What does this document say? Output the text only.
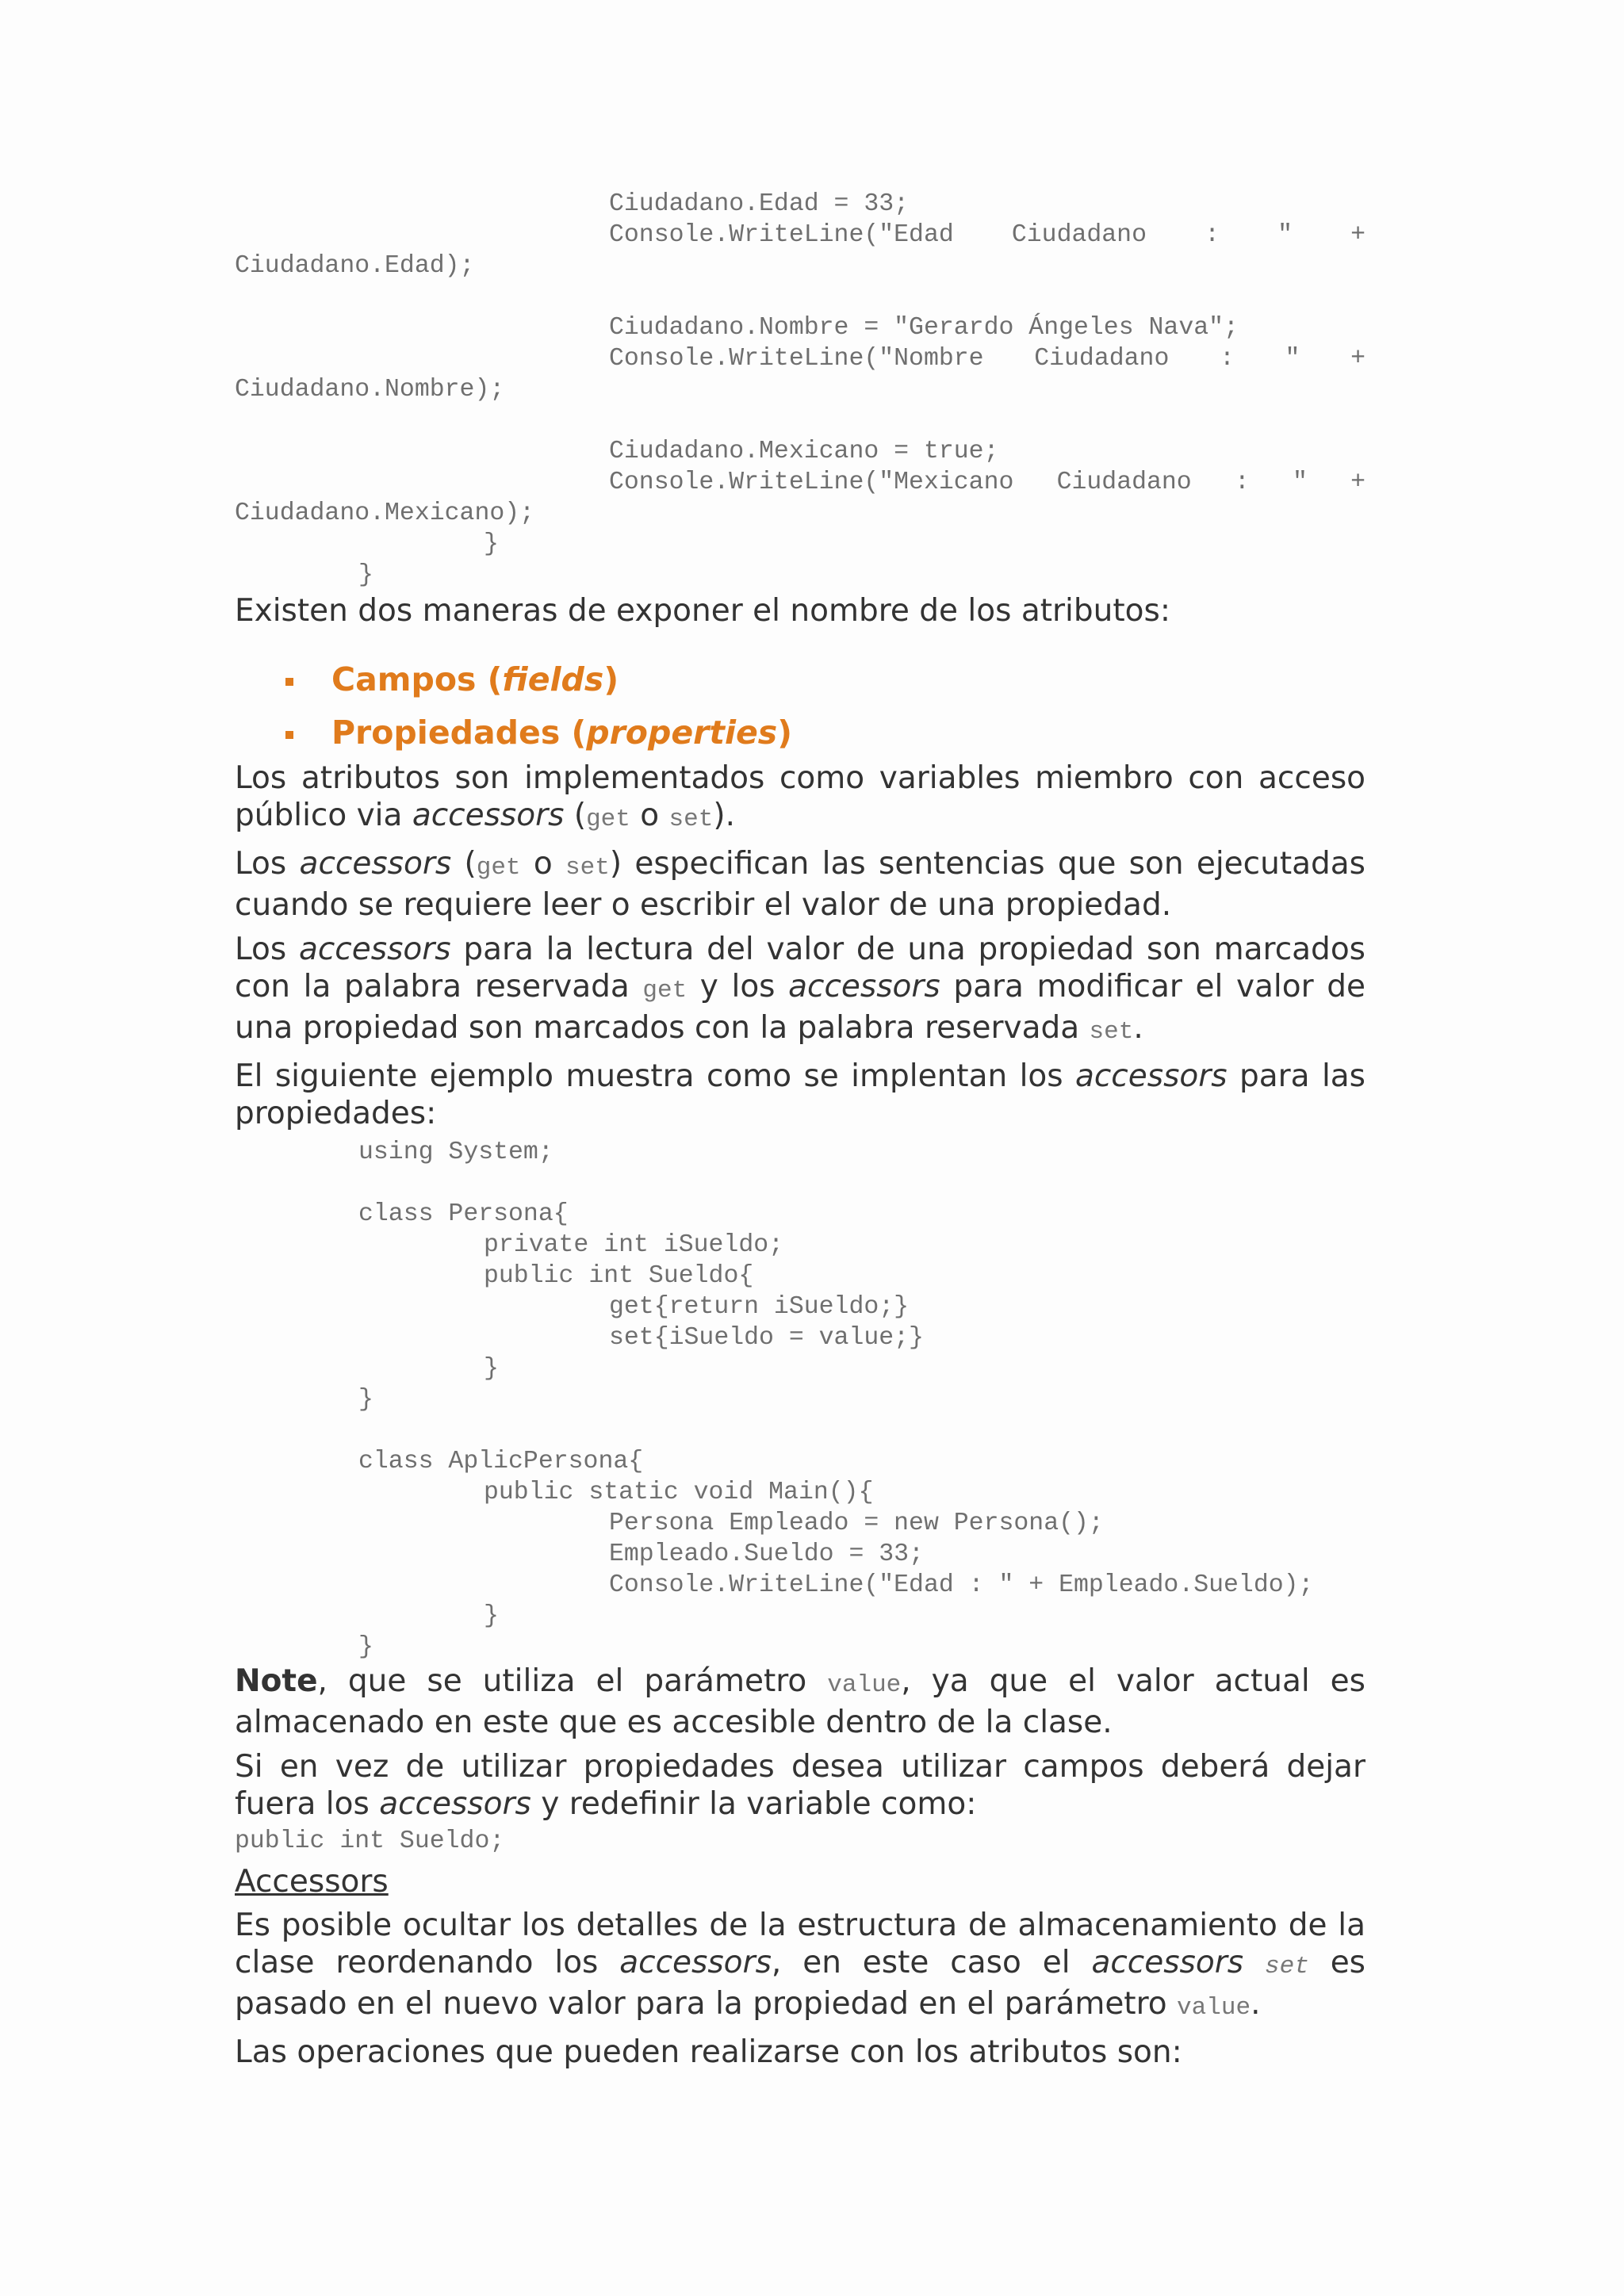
Ciudadano.Edad = 33;
Console.WriteLine("Edad Ciudadano : " +
Ciudadano.Edad);
Ciudadano.Nombre = "Gerardo Ángeles Nava";
Console.WriteLine("Nombre Ciudadano : " +
Ciudadano.Nombre);
Ciudadano.Mexicano = true;
Console.WriteLine("Mexicano Ciudadano : " +
Ciudadano.Mexicano);
}
}

Existen dos maneras de exponer el nombre de los atributos:

Campos (fields)
Propiedades (properties)

Los atributos son implementados como variables miembro con acceso público via accessors (get o set).

Los accessors (get o set) especifican las sentencias que son ejecutadas cuando se requiere leer o escribir el valor de una propiedad.

Los accessors para la lectura del valor de una propiedad son marcados con la palabra reservada get y los accessors para modificar el valor de una propiedad son marcados con la palabra reservada set.

El siguiente ejemplo muestra como se implentan los accessors para las propiedades:

using System;
class Persona{
private int iSueldo;
public int Sueldo{
get{return iSueldo;}
set{iSueldo = value;}
}
}
class AplicPersona{
public static void Main(){
Persona Empleado = new Persona();
Empleado.Sueldo = 33;
Console.WriteLine("Edad : " + Empleado.Sueldo);
}
}

Note, que se utiliza el parámetro value, ya que el valor actual es almacenado en este que es accesible dentro de la clase.

Si en vez de utilizar propiedades desea utilizar campos deberá dejar fuera los accessors y redefinir la variable como:

public int Sueldo;
Accessors

Es posible ocultar los detalles de la estructura de almacenamiento de la clase reordenando los accessors, en este caso el accessors set es pasado en el nuevo valor para la propiedad en el parámetro value.

Las operaciones que pueden realizarse con los atributos son:
